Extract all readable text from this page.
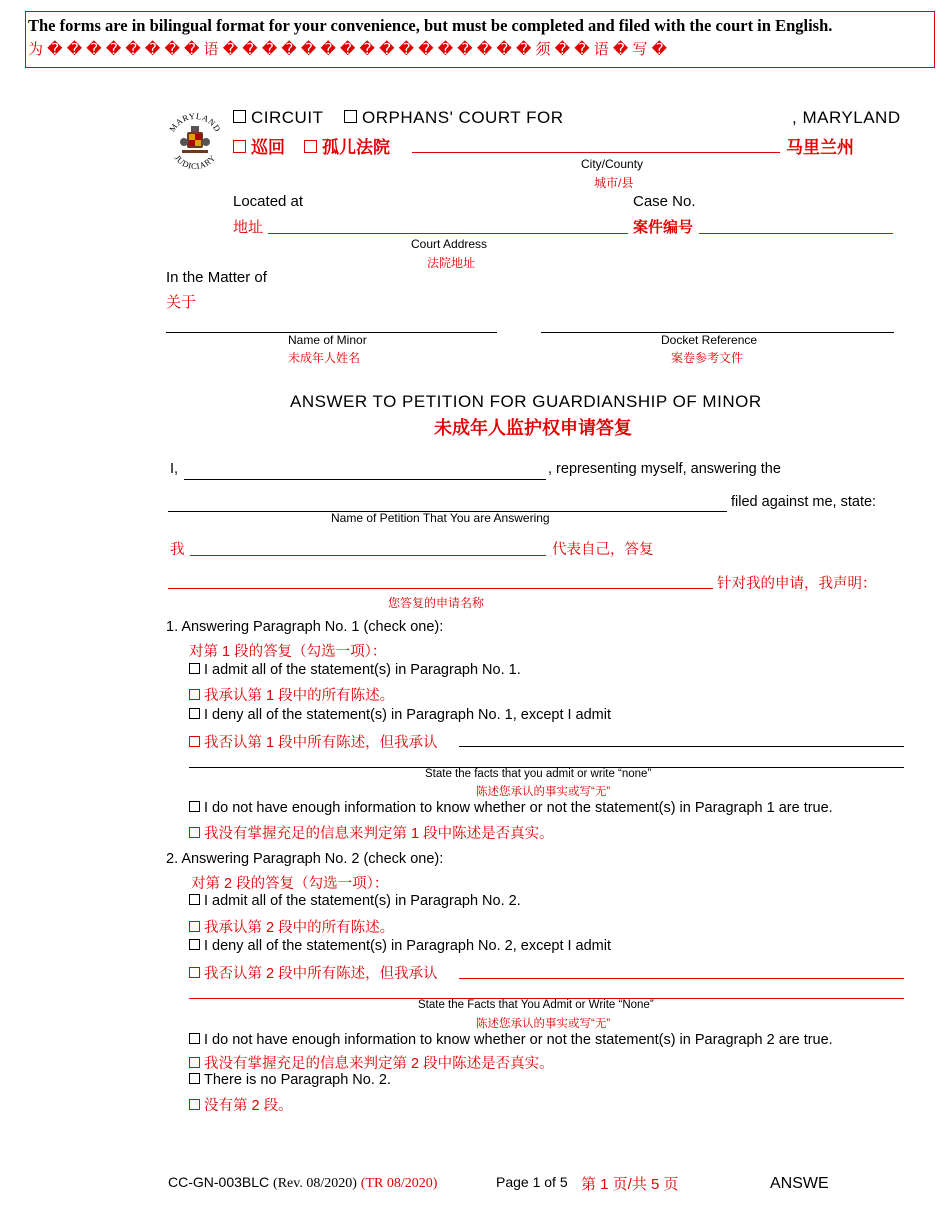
The forms are in bilingual format for your convenience, but must be completed and filed with the court in English.
为 � � � � � � � � 语 � � � � � � � � � � � � � � � � 须 � � 语 � 写 �
MARYLAND
JUDICIARY
CIRCUIT	ORPHANS' COURT FOR	, MARYLAND
巡回	孤儿法院	马里兰州
City/County
城市/县
Located at	Case No.
地址	案件编号
Court Address
法院地址
In the Matter of
关于
Name of Minor
未成年人姓名
Docket Reference
案卷参考文件
ANSWER TO PETITION FOR GUARDIANSHIP OF MINOR
未成年人监护权申请答复
I,	, representing myself, answering the
filed against me, state:
Name of Petition That You are Answering
我	代表自己，答复
针对我的申请，我声明：
您答复的申请名称
1. Answering Paragraph No. 1 (check one):
对第 1 段的答复（勾选一项）：
I admit all of the statement(s) in Paragraph No. 1.
我承认第 1 段中的所有陈述。
I deny all of the statement(s) in Paragraph No. 1, except I admit
我否认第 1 段中所有陈述，但我承认
State the facts that you admit or write “none”
陈述您承认的事实或写“无”
I do not have enough information to know whether or not the statement(s) in Paragraph 1 are true.
我没有掌握充足的信息来判定第 1 段中陈述是否真实。
2. Answering Paragraph No. 2 (check one):
对第 2 段的答复（勾选一项）：
I admit all of the statement(s) in Paragraph No. 2.
我承认第 2 段中的所有陈述。
I deny all of the statement(s) in Paragraph No. 2, except I admit
我否认第 2 段中所有陈述，但我承认
State the Facts that You Admit or Write “None”
陈述您承认的事实或写“无”
I do not have enough information to know whether or not the statement(s) in Paragraph 2 are true.
我没有掌握充足的信息来判定第 2 段中陈述是否真实。
There is no Paragraph No. 2.
没有第 2 段。
CC-GN-003BLC (Rev. 08/2020) (TR 08/2020)	Page 1 of 5 第 1 页/共 5 页	ANSWE
